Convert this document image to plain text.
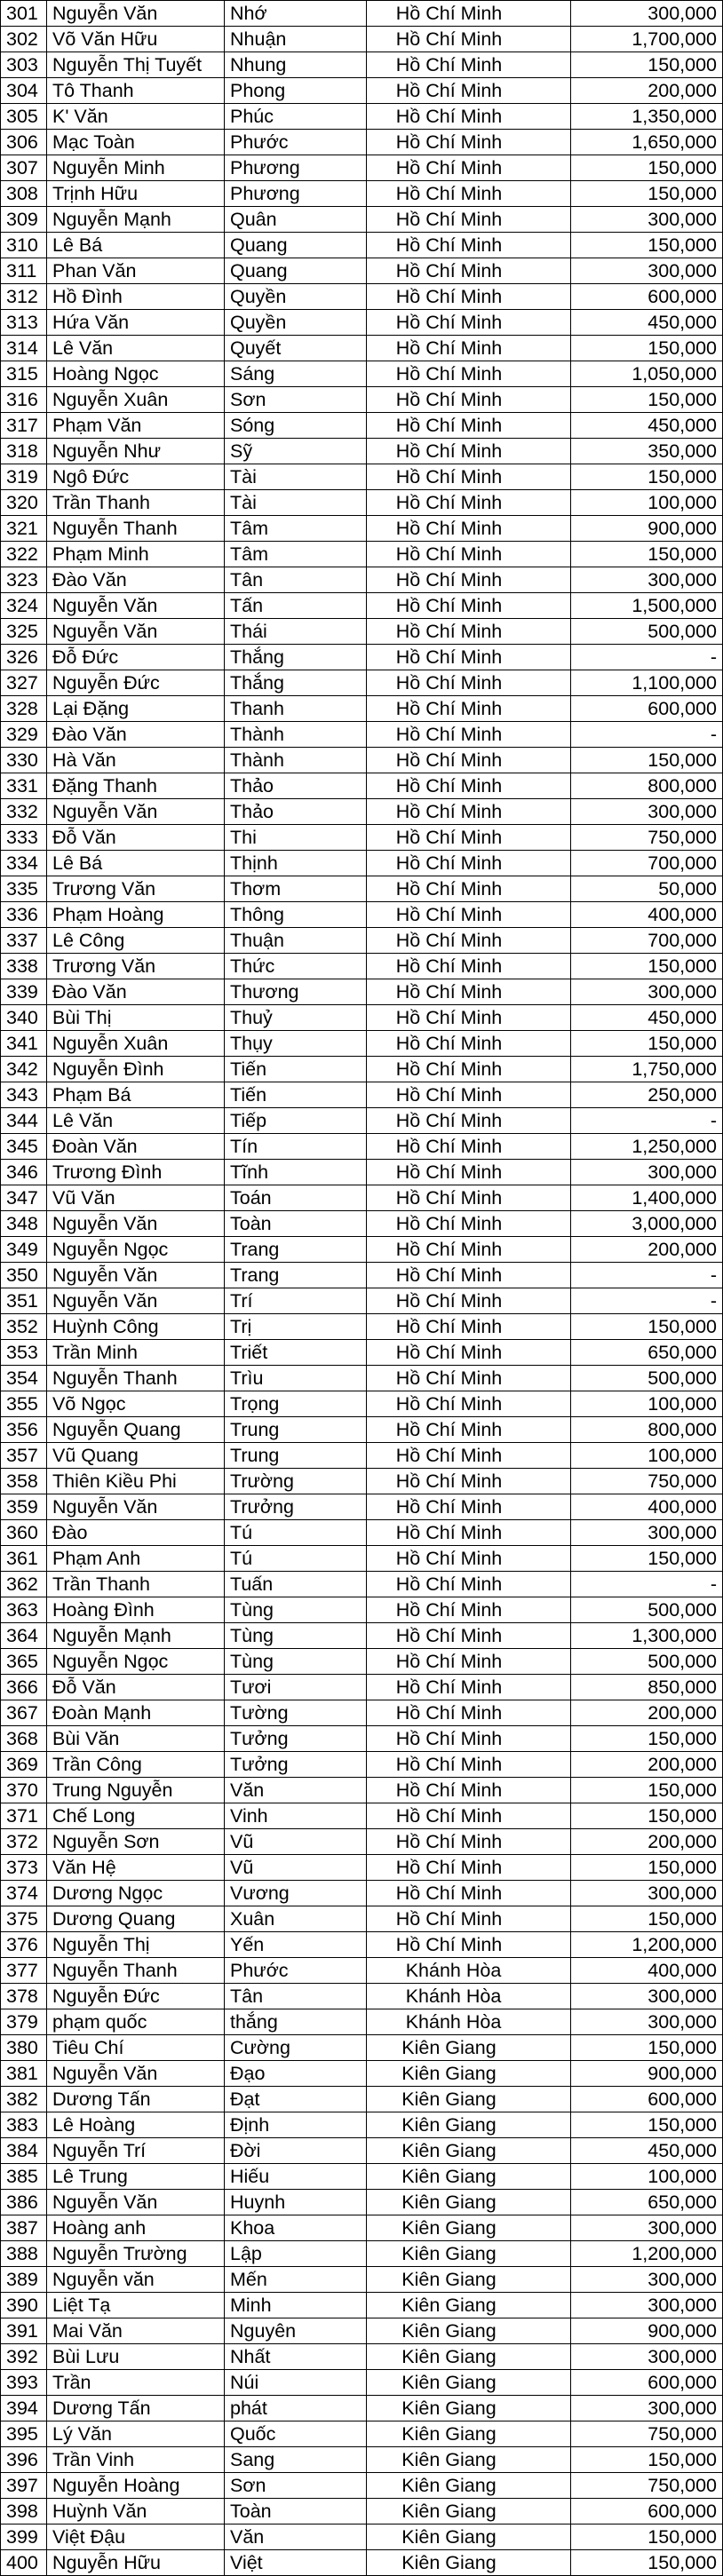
301	Nguyễn Văn	Nhớ	Hồ Chí Minh	300,000
302	Võ Văn Hữu	Nhuận	Hồ Chí Minh	1,700,000
303	Nguyễn Thị Tuyết	Nhung	Hồ Chí Minh	150,000
304	Tô Thanh	Phong	Hồ Chí Minh	200,000
305	K' Văn	Phúc	Hồ Chí Minh	1,350,000
306	Mạc Toàn	Phước	Hồ Chí Minh	1,650,000
307	Nguyễn Minh	Phương	Hồ Chí Minh	150,000
308	Trịnh Hữu	Phương	Hồ Chí Minh	150,000
309	Nguyễn Mạnh	Quân	Hồ Chí Minh	300,000
310	Lê Bá	Quang	Hồ Chí Minh	150,000
311	Phan Văn	Quang	Hồ Chí Minh	300,000
312	Hồ Đình	Quyền	Hồ Chí Minh	600,000
313	Hứa Văn	Quyền	Hồ Chí Minh	450,000
314	Lê Văn	Quyết	Hồ Chí Minh	150,000
315	Hoàng Ngọc	Sáng	Hồ Chí Minh	1,050,000
316	Nguyễn Xuân	Sơn	Hồ Chí Minh	150,000
317	Phạm Văn	Sóng	Hồ Chí Minh	450,000
318	Nguyễn Như	Sỹ	Hồ Chí Minh	350,000
319	Ngô Đức	Tài	Hồ Chí Minh	150,000
320	Trần Thanh	Tài	Hồ Chí Minh	100,000
321	Nguyễn Thanh	Tâm	Hồ Chí Minh	900,000
322	Phạm Minh	Tâm	Hồ Chí Minh	150,000
323	Đào Văn	Tân	Hồ Chí Minh	300,000
324	Nguyễn Văn	Tấn	Hồ Chí Minh	1,500,000
325	Nguyễn Văn	Thái	Hồ Chí Minh	500,000
326	Đỗ Đức	Thắng	Hồ Chí Minh	-
327	Nguyễn Đức	Thắng	Hồ Chí Minh	1,100,000
328	Lại Đặng	Thanh	Hồ Chí Minh	600,000
329	Đào Văn	Thành	Hồ Chí Minh	-
330	Hà Văn	Thành	Hồ Chí Minh	150,000
331	Đặng Thanh	Thảo	Hồ Chí Minh	800,000
332	Nguyễn Văn	Thảo	Hồ Chí Minh	300,000
333	Đỗ Văn	Thi	Hồ Chí Minh	750,000
334	Lê Bá	Thịnh	Hồ Chí Minh	700,000
335	Trương Văn	Thơm	Hồ Chí Minh	50,000
336	Phạm Hoàng	Thông	Hồ Chí Minh	400,000
337	Lê Công	Thuận	Hồ Chí Minh	700,000
338	Trương Văn	Thức	Hồ Chí Minh	150,000
339	Đào Văn	Thương	Hồ Chí Minh	300,000
340	Bùi Thị	Thuỷ	Hồ Chí Minh	450,000
341	Nguyễn Xuân	Thụy	Hồ Chí Minh	150,000
342	Nguyễn Đình	Tiến	Hồ Chí Minh	1,750,000
343	Phạm Bá	Tiến	Hồ Chí Minh	250,000
344	Lê Văn	Tiếp	Hồ Chí Minh	-
345	Đoàn Văn	Tín	Hồ Chí Minh	1,250,000
346	Trương Đình	Tĩnh	Hồ Chí Minh	300,000
347	Vũ Văn	Toán	Hồ Chí Minh	1,400,000
348	Nguyễn Văn	Toàn	Hồ Chí Minh	3,000,000
349	Nguyễn Ngọc	Trang	Hồ Chí Minh	200,000
350	Nguyễn Văn	Trang	Hồ Chí Minh	-
351	Nguyễn Văn	Trí	Hồ Chí Minh	-
352	Huỳnh Công	Trị	Hồ Chí Minh	150,000
353	Trần Minh	Triết	Hồ Chí Minh	650,000
354	Nguyễn Thanh	Trìu	Hồ Chí Minh	500,000
355	Võ Ngọc	Trọng	Hồ Chí Minh	100,000
356	Nguyễn Quang	Trung	Hồ Chí Minh	800,000
357	Vũ Quang	Trung	Hồ Chí Minh	100,000
358	Thiên Kiều Phi	Trường	Hồ Chí Minh	750,000
359	Nguyễn Văn	Trưởng	Hồ Chí Minh	400,000
360	Đào	Tú	Hồ Chí Minh	300,000
361	Phạm Anh	Tú	Hồ Chí Minh	150,000
362	Trần Thanh	Tuấn	Hồ Chí Minh	-
363	Hoàng Đình	Tùng	Hồ Chí Minh	500,000
364	Nguyễn Mạnh	Tùng	Hồ Chí Minh	1,300,000
365	Nguyễn Ngọc	Tùng	Hồ Chí Minh	500,000
366	Đỗ Văn	Tươi	Hồ Chí Minh	850,000
367	Đoàn Mạnh	Tường	Hồ Chí Minh	200,000
368	Bùi Văn	Tưởng	Hồ Chí Minh	150,000
369	Trần Công	Tưởng	Hồ Chí Minh	200,000
370	Trung Nguyễn	Văn	Hồ Chí Minh	150,000
371	Chế Long	Vinh	Hồ Chí Minh	150,000
372	Nguyễn Sơn	Vũ	Hồ Chí Minh	200,000
373	Văn Hệ	Vũ	Hồ Chí Minh	150,000
374	Dương Ngọc	Vương	Hồ Chí Minh	300,000
375	Dương Quang	Xuân	Hồ Chí Minh	150,000
376	Nguyễn Thị	Yến	Hồ Chí Minh	1,200,000
377	Nguyễn Thanh	Phước	Khánh Hòa	400,000
378	Nguyễn Đức	Tân	Khánh Hòa	300,000
379	phạm quốc	thắng	Khánh Hòa	300,000
380	Tiêu Chí	Cường	Kiên Giang	150,000
381	Nguyễn Văn	Đạo	Kiên Giang	900,000
382	Dương Tấn	Đạt	Kiên Giang	600,000
383	Lê Hoàng	Định	Kiên Giang	150,000
384	Nguyễn Trí	Đời	Kiên Giang	450,000
385	Lê Trung	Hiếu	Kiên Giang	100,000
386	Nguyễn Văn	Huynh	Kiên Giang	650,000
387	Hoàng anh	Khoa	Kiên Giang	300,000
388	Nguyễn Trường	Lập	Kiên Giang	1,200,000
389	Nguyễn văn	Mến	Kiên Giang	300,000
390	Liệt Tạ	Minh	Kiên Giang	300,000
391	Mai Văn	Nguyên	Kiên Giang	900,000
392	Bùi Lưu	Nhất	Kiên Giang	300,000
393	Trần	Núi	Kiên Giang	600,000
394	Dương Tấn	phát	Kiên Giang	300,000
395	Lý Văn	Quốc	Kiên Giang	750,000
396	Trần Vinh	Sang	Kiên Giang	150,000
397	Nguyễn Hoàng	Sơn	Kiên Giang	750,000
398	Huỳnh Văn	Toàn	Kiên Giang	600,000
399	Việt Đậu	Văn	Kiên Giang	150,000
400	Nguyễn Hữu	Việt	Kiên Giang	150,000
